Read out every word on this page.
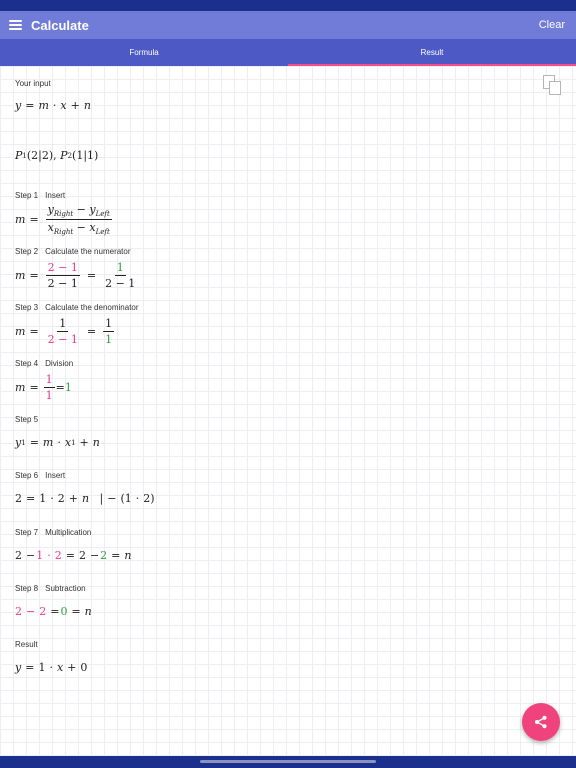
Calculate	Clear
Formula	Result
Your input
y = m · x + n
P 1 (2|2), P 2 (1|1)
Step 1 Insert
$m = \frac{y_{Right} - y_{Left}}{x_{Right} - x_{Left}}$
Step 2 Calculate the numerator
$m = \frac{2 - 1}{2 - 1} = \frac{1}{2 - 1}$
Step 3 Calculate the denominator
$m = \frac{1}{2 - 1} = \frac{1}{1}$
Step 4 Division
$m = \frac{1}{1} = 1$
Step 5
y 1 = m · x 1 + n
Step 6 Insert
2 = 1 · 2 + n
| − (1 · 2)
Step 7 Multiplication
2 − 1 · 2 = 2 − 2 = n
Step 8 Subtraction
2 − 2 = 0 = n
Result
y = 1 · x + 0
